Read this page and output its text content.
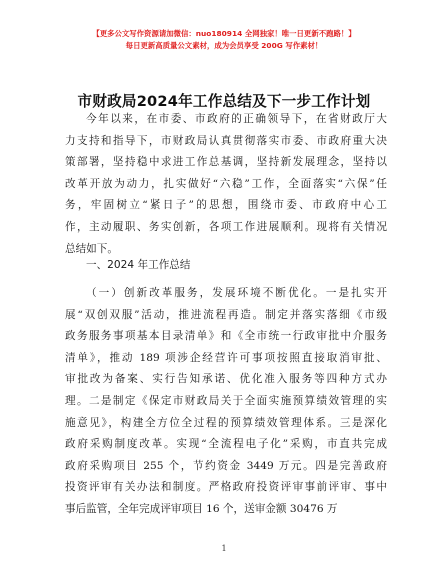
【更多公文写作资源请加微信：nuo180914 全网独家！唯一日更新不跑路！】
每日更新高质量公文素材，成为会员享受 200G 写作素材！
市财政局2024年工作总结及下一步工作计划
今年以来，在市委、市政府的正确领导下，在省财政厅大
力支持和指导下，市财政局认真贯彻落实市委、市政府重大决
策部署，坚持稳中求进工作总基调，坚持新发展理念，坚持以
改革开放为动力，扎实做好“六稳”工作，全面落实“六保”任
务，牢固树立“紧日子”的思想，围绕市委、市政府中心工
作，主动履职、务实创新，各项工作进展顺利。现将有关情况
总结如下。
一、2024 年工作总结
（一）创新改革服务，发展环境不断优化。一是扎实开
展“双创双服”活动，推进流程再造。制定并落实落细《市级
政务服务事项基本目录清单》和《全市统一行政审批中介服务
清单》，推动 189 项涉企经营许可事项按照直接取消审批、
审批改为备案、实行告知承诺、优化准入服务等四种方式办
理。二是制定《保定市财政局关于全面实施预算绩效管理的实
施意见》，构建全方位全过程的预算绩效管理体系。三是深化
政府采购制度改革。实现“全流程电子化”采购，市直共完成
政府采购项目 255 个，节约资金 3449 万元。四是完善政府
投资评审有关办法和制度。严格政府投资评审事前评审、事中
事后监管，全年完成评审项目 16 个，送审金额 30476 万
1
